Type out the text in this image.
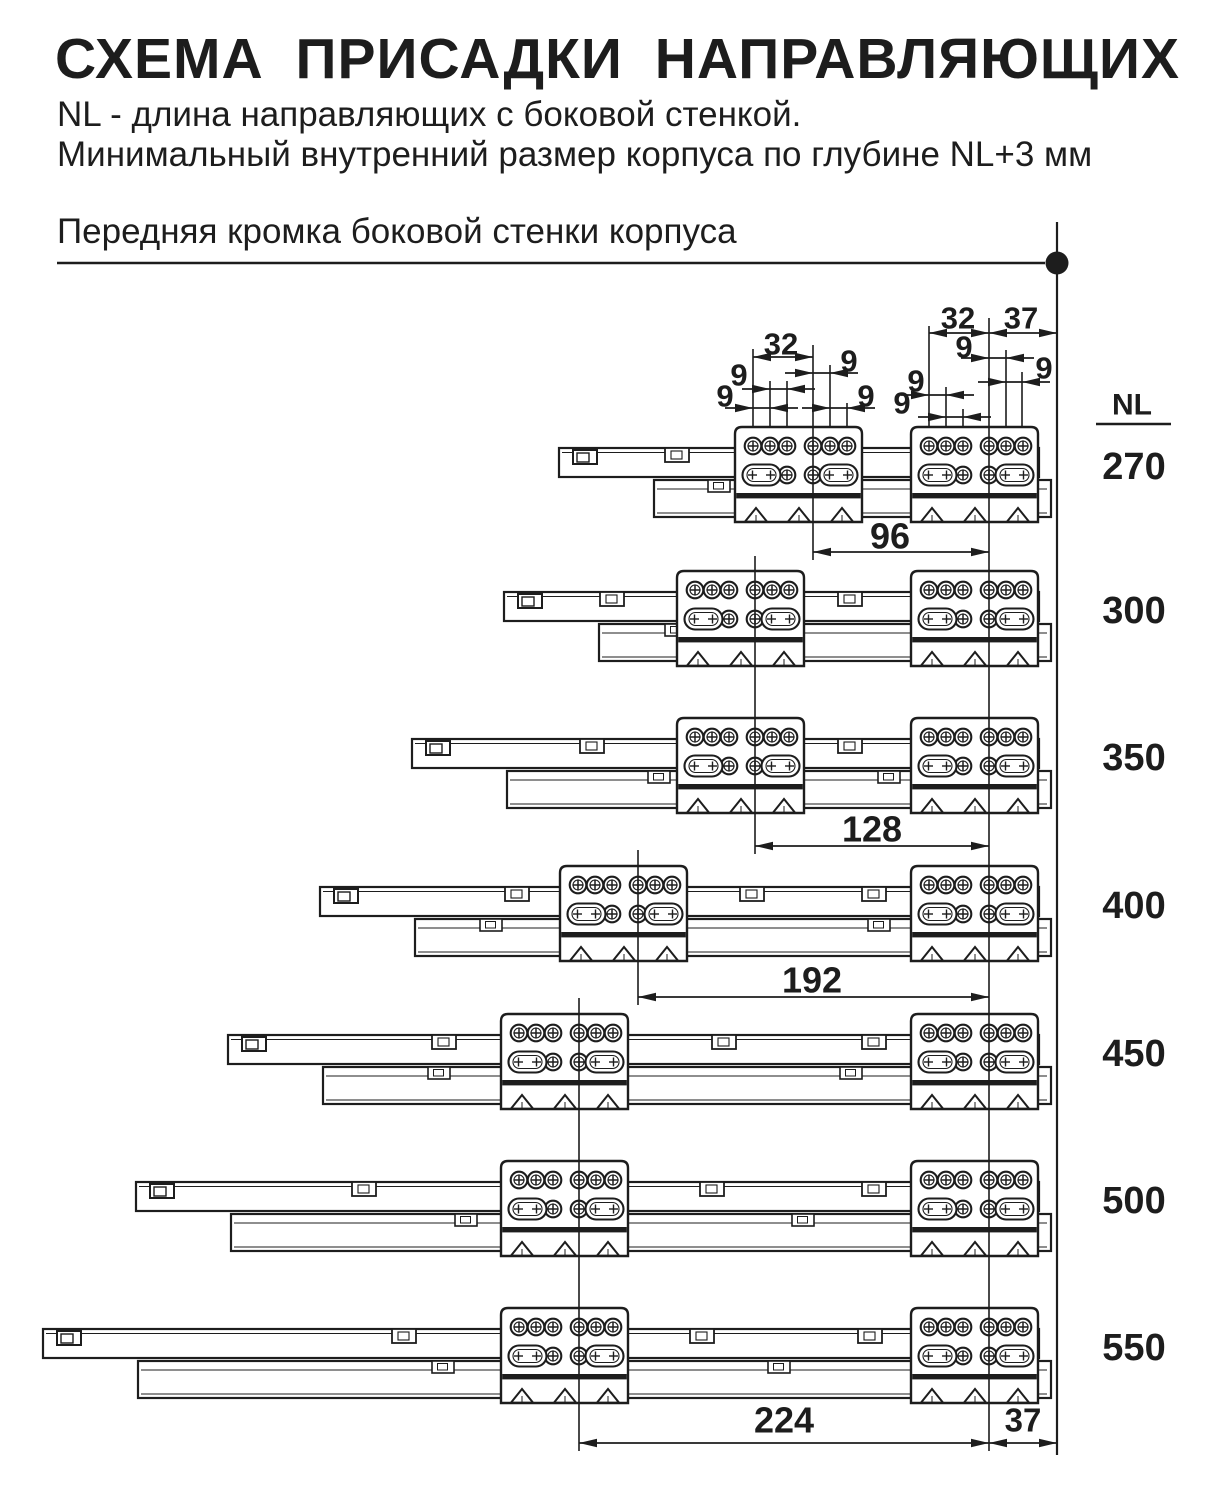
СХЕМА ПРИСАДКИ НАПРАВЛЯЮЩИХ
NL - длина направляющих с боковой стенкой.
Минимальный внутренний размер корпуса по глубине NL+3 мм
Передняя кромка боковой стенки корпуса
32 9
9
9	9
32 37
9
9
9
9
96
128
192
224	37
NL
270
300
350
400
450
500
550
